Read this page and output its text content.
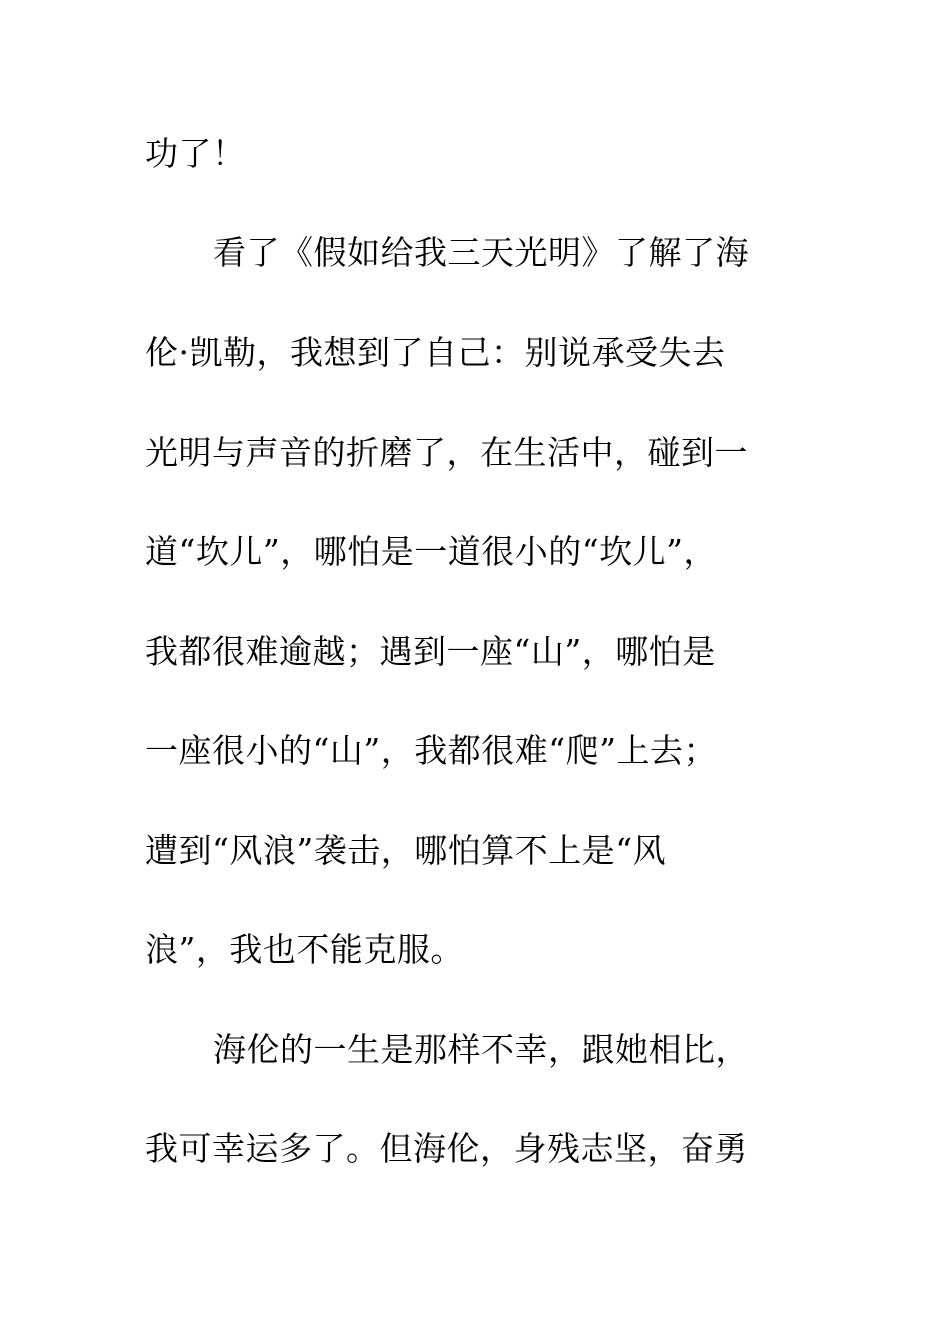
功了！
看了《假如给我三天光明》了解了海
伦·凯勒，我想到了自己：别说承受失去
光明与声音的折磨了，在生活中，碰到一
道“坎儿”，哪怕是一道很小的“坎儿”，
我都很难逾越；遇到一座“山”，哪怕是
一座很小的“山”，我都很难“爬”上去；
遭到“风浪”袭击，哪怕算不上是“风
浪”，我也不能克服。
海伦的一生是那样不幸，跟她相比，
我可幸运多了。但海伦，身残志坚，奋勇
